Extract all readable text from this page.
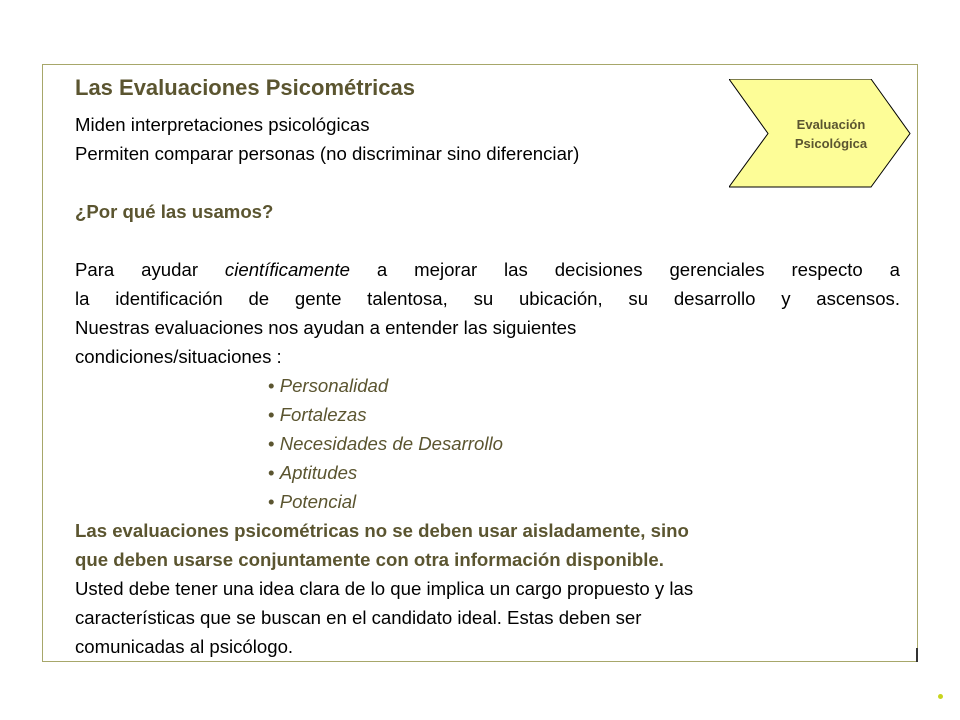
Las Evaluaciones Psicométricas
Miden interpretaciones psicológicas
Permiten comparar personas (no discriminar sino diferenciar)
¿Por qué las usamos?
Para ayudar científicamente a mejorar las decisiones gerenciales respecto a
la identificación de gente talentosa, su ubicación, su desarrollo y ascensos.
Nuestras evaluaciones nos ayudan a entender las siguientes
condiciones/situaciones :
• Personalidad
• Fortalezas
• Necesidades de Desarrollo
• Aptitudes
• Potencial
Las evaluaciones psicométricas no se deben usar aisladamente, sino
que deben usarse conjuntamente con otra información disponible.
Usted debe tener una idea clara de lo que implica un cargo propuesto y las
características que se buscan en el candidato ideal. Estas deben ser
comunicadas al psicólogo.
Evaluación
Psicológica
